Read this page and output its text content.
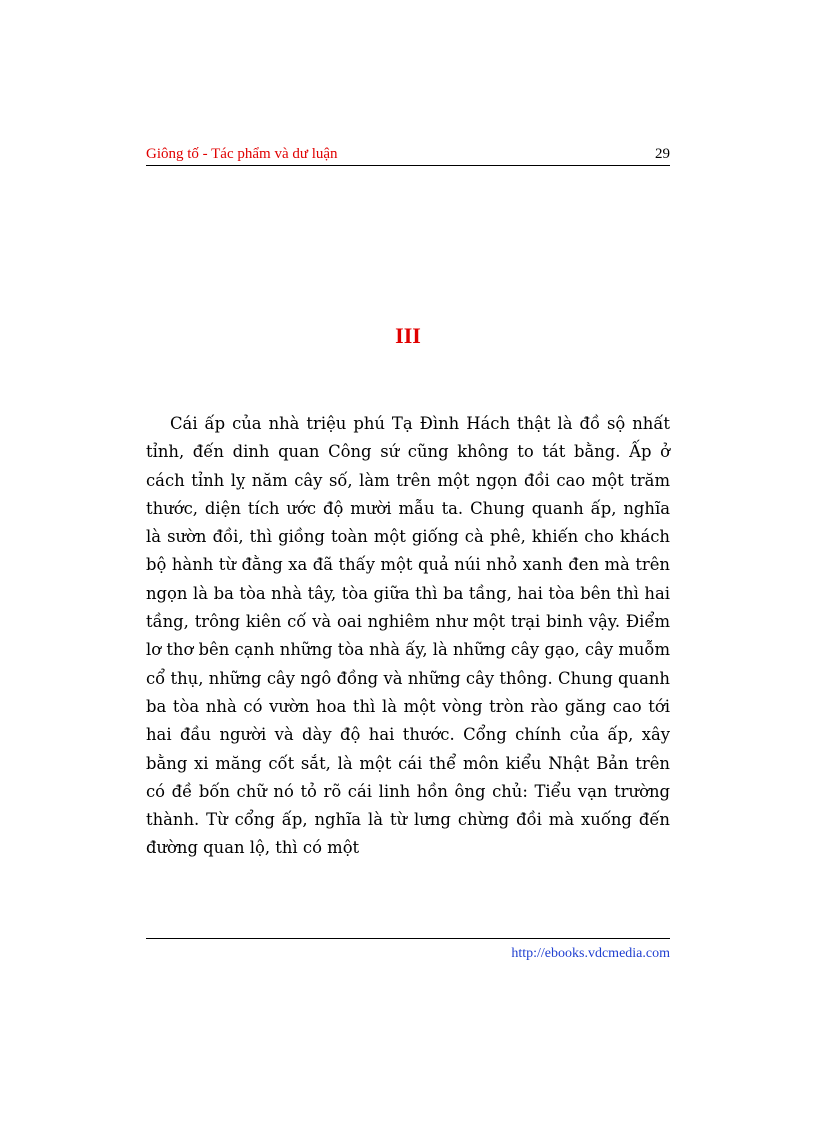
Giông tố - Tác phẩm và dư luận	29
III

Cái ấp của nhà triệu phú Tạ Đình Hách thật là đồ sộ nhất tỉnh, đến dinh quan Công sứ cũng không to tát bằng. Ấp ở cách tỉnh lỵ năm cây số, làm trên một ngọn đồi cao một trăm thước, diện tích ước độ mười mẫu ta. Chung quanh ấp, nghĩa là sườn đồi, thì giồng toàn một giống cà phê, khiến cho khách bộ hành từ đằng xa đã thấy một quả núi nhỏ xanh đen mà trên ngọn là ba tòa nhà tây, tòa giữa thì ba tầng, hai tòa bên thì hai tầng, trông kiên cố và oai nghiêm như một trại binh vậy. Điểm lơ thơ bên cạnh những tòa nhà ấy, là những cây gạo, cây muỗm cổ thụ, những cây ngô đồng và những cây thông. Chung quanh ba tòa nhà có vườn hoa thì là một vòng tròn rào găng cao tới hai đầu người và dày độ hai thước. Cổng chính của ấp, xây bằng xi măng cốt sắt, là một cái thể môn kiểu Nhật Bản trên có đề bốn chữ nó tỏ rõ cái linh hồn ông chủ: Tiểu vạn trường thành. Từ cổng ấp, nghĩa là từ lưng chừng đồi mà xuống đến đường quan lộ, thì có một

http://ebooks.vdcmedia.com
